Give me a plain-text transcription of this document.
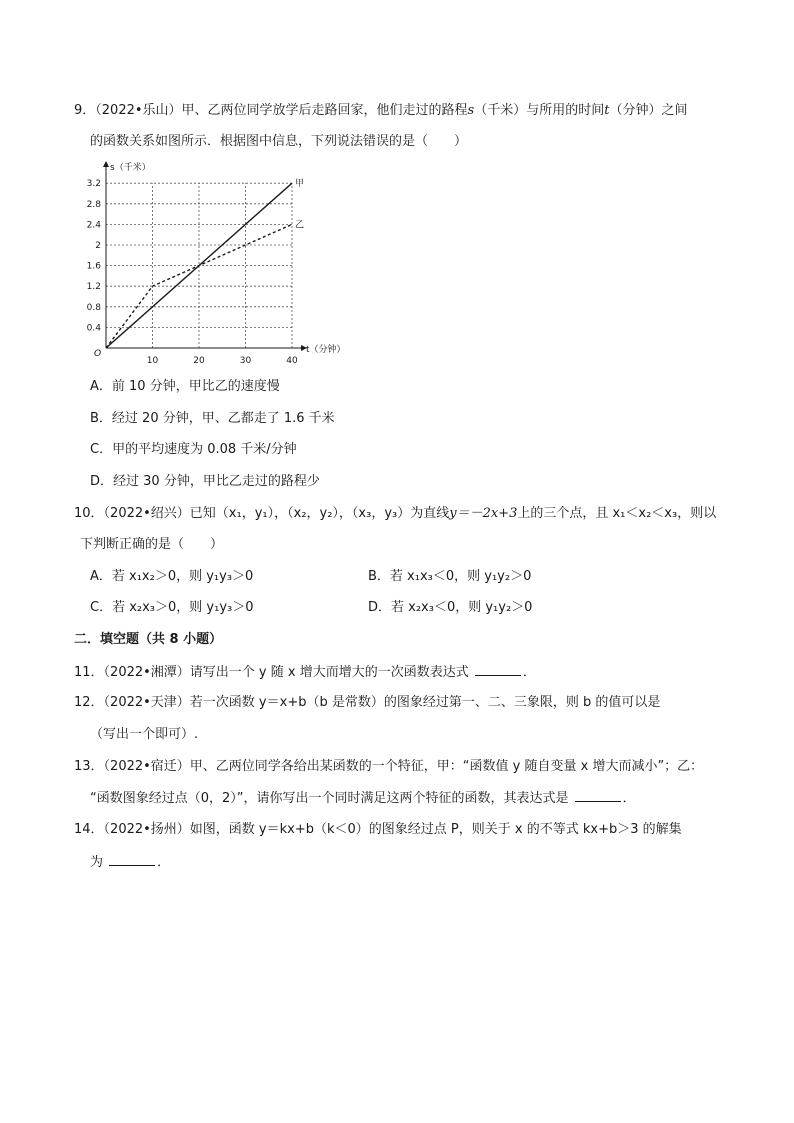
9．（2022•乐山）甲、乙两位同学放学后走路回家，他们走过的路程s（千米）与所用的时间t（分钟）之间
的函数关系如图所示．根据图中信息，下列说法错误的是（　　）
甲
乙
10	20	30	40
0.4
0.8
1.2
1.6
2
2.4
2.8
3.2
O
s（千米）
t（分钟）
A．前 10 分钟，甲比乙的速度慢
B．经过 20 分钟，甲、乙都走了 1.6 千米
C．甲的平均速度为 0.08 千米/分钟
D．经过 30 分钟，甲比乙走过的路程少
10．（2022•绍兴）已知（x₁，y₁），（x₂，y₂），（x₃，y₃）为直线y＝－2x+3上的三个点，且 x₁＜x₂＜x₃，则以
下判断正确的是（　　）
A．若 x₁x₂＞0，则 y₁y₃＞0	B．若 x₁x₃＜0，则 y₁y₂＞0
C．若 x₂x₃＞0，则 y₁y₃＞0	D．若 x₂x₃＜0，则 y₁y₂＞0
二．填空题（共 8 小题）
11．（2022•湘潭）请写出一个 y 随 x 增大而增大的一次函数表达式	．
12．（2022•天津）若一次函数 y＝x+b（b 是常数）的图象经过第一、二、三象限，则 b 的值可以是
（写出一个即可）.
13．（2022•宿迁）甲、乙两位同学各给出某函数的一个特征，甲：“函数值 y 随自变量 x 增大而减小”；乙：
“函数图象经过点（0，2）”，请你写出一个同时满足这两个特征的函数，其表达式是	．
14．（2022•扬州）如图，函数 y＝kx+b（k＜0）的图象经过点 P，则关于 x 的不等式 kx+b＞3 的解集
为	．
